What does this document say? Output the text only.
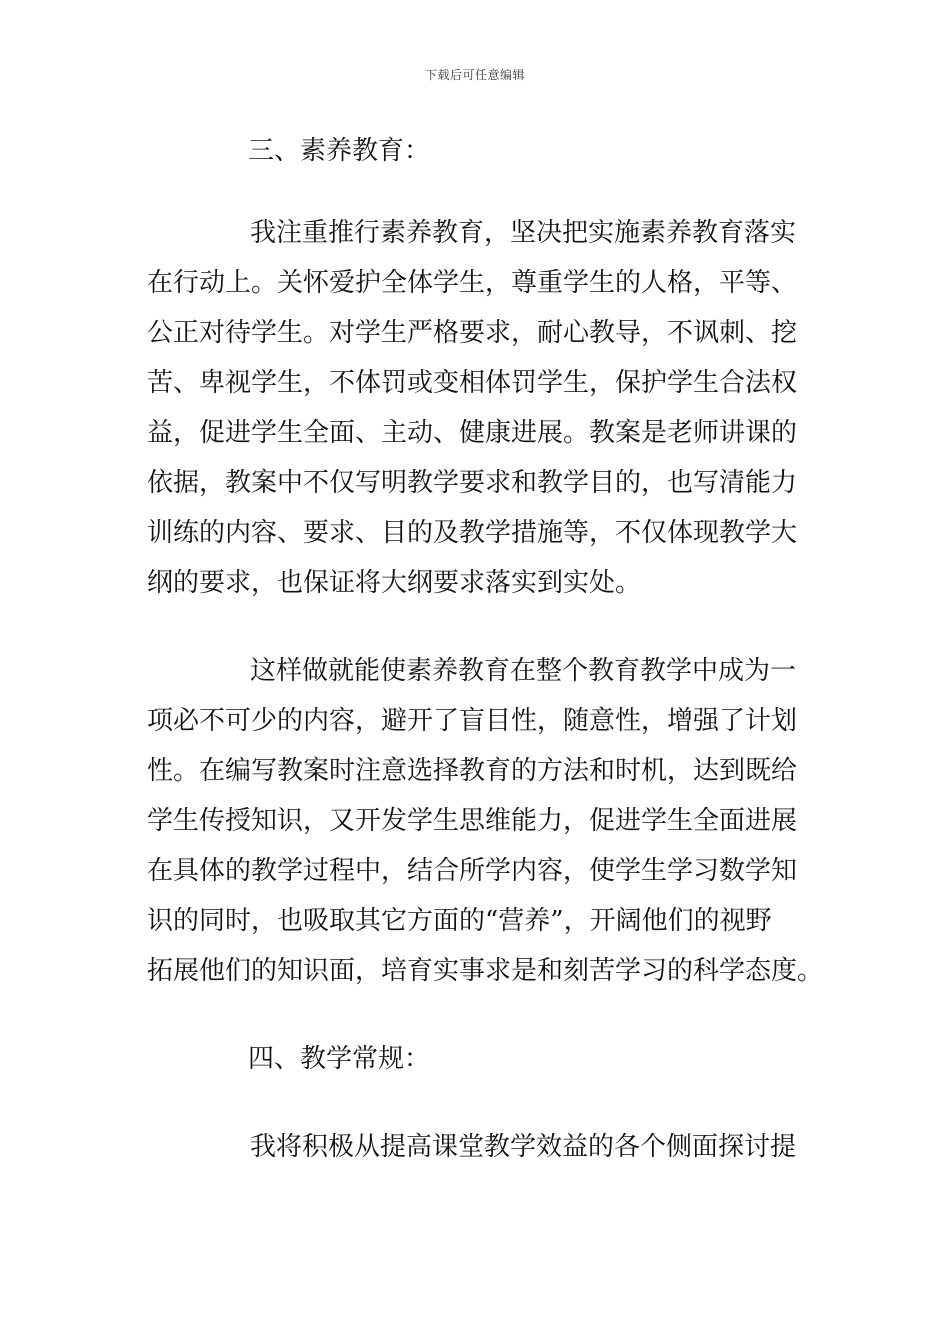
下载后可任意编辑
三、素养教育：
我注重推行素养教育，坚决把实施素养教育落实
在行动上。关怀爱护全体学生，尊重学生的人格，平等、
公正对待学生。对学生严格要求，耐心教导，不讽刺、挖
苦、卑视学生，不体罚或变相体罚学生，保护学生合法权
益，促进学生全面、主动、健康进展。教案是老师讲课的
依据，教案中不仅写明教学要求和教学目的，也写清能力
训练的内容、要求、目的及教学措施等，不仅体现教学大
纲的要求，也保证将大纲要求落实到实处。
这样做就能使素养教育在整个教育教学中成为一
项必不可少的内容，避开了盲目性，随意性，增强了计划
性。在编写教案时注意选择教育的方法和时机，达到既给
学生传授知识，又开发学生思维能力，促进学生全面进展
在具体的教学过程中，结合所学内容，使学生学习数学知
识的同时，也吸取其它方面的“营养”，开阔他们的视野
拓展他们的知识面，培育实事求是和刻苦学习的科学态度。
四、教学常规：
我将积极从提高课堂教学效益的各个侧面探讨提
